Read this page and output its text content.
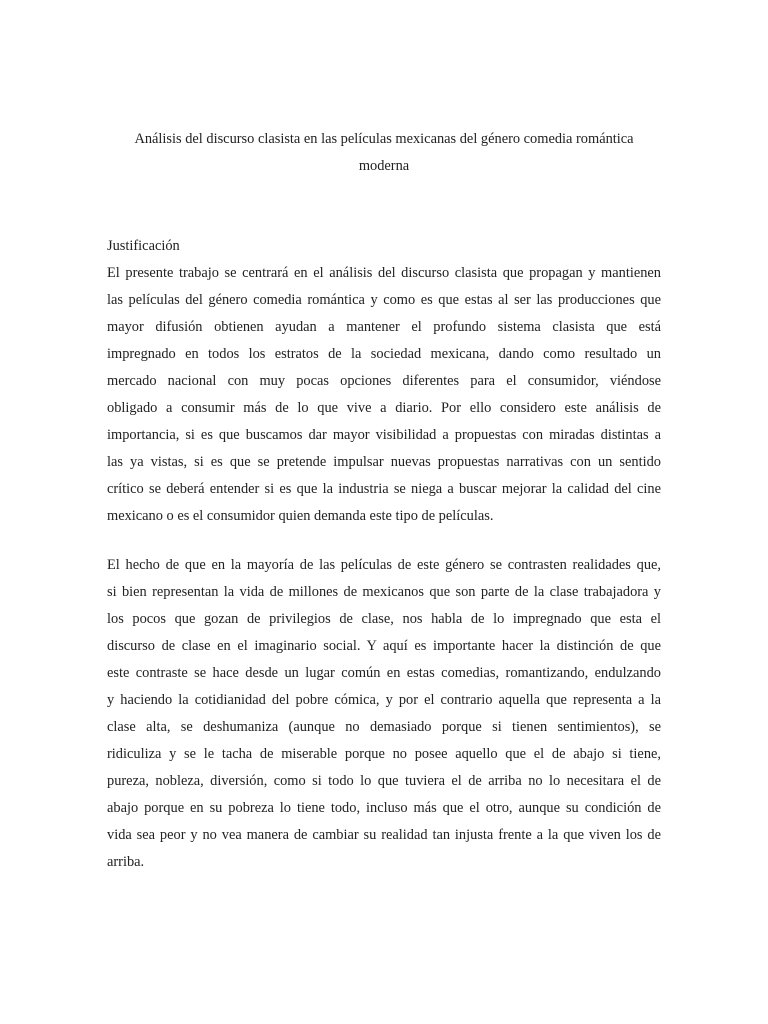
Análisis del discurso clasista en las películas mexicanas del género comedia romántica
moderna
Justificación
El presente trabajo se centrará en el análisis del discurso clasista que propagan y mantienen
las películas del género comedia romántica y como es que estas al ser las producciones que
mayor difusión obtienen ayudan a mantener el profundo sistema clasista que está
impregnado en todos los estratos de la sociedad mexicana, dando como resultado un
mercado nacional con muy pocas opciones diferentes para el consumidor, viéndose
obligado a consumir más de lo que vive a diario. Por ello considero este análisis de
importancia, si es que buscamos dar mayor visibilidad a propuestas con miradas distintas a
las ya vistas, si es que se pretende impulsar nuevas propuestas narrativas con un sentido
crítico se deberá entender si es que la industria se niega a buscar mejorar la calidad del cine
mexicano o es el consumidor quien demanda este tipo de películas.
El hecho de que en la mayoría de las películas de este género se contrasten realidades que,
si bien representan la vida de millones de mexicanos que son parte de la clase trabajadora y
los pocos que gozan de privilegios de clase, nos habla de lo impregnado que esta el
discurso de clase en el imaginario social. Y aquí es importante hacer la distinción de que
este contraste se hace desde un lugar común en estas comedias, romantizando, endulzando
y haciendo la cotidianidad del pobre cómica, y por el contrario aquella que representa a la
clase alta, se deshumaniza (aunque no demasiado porque si tienen sentimientos), se
ridiculiza y se le tacha de miserable porque no posee aquello que el de abajo si tiene,
pureza, nobleza, diversión, como si todo lo que tuviera el de arriba no lo necesitara el de
abajo porque en su pobreza lo tiene todo, incluso más que el otro, aunque su condición de
vida sea peor y no vea manera de cambiar su realidad tan injusta frente a la que viven los de
arriba.
